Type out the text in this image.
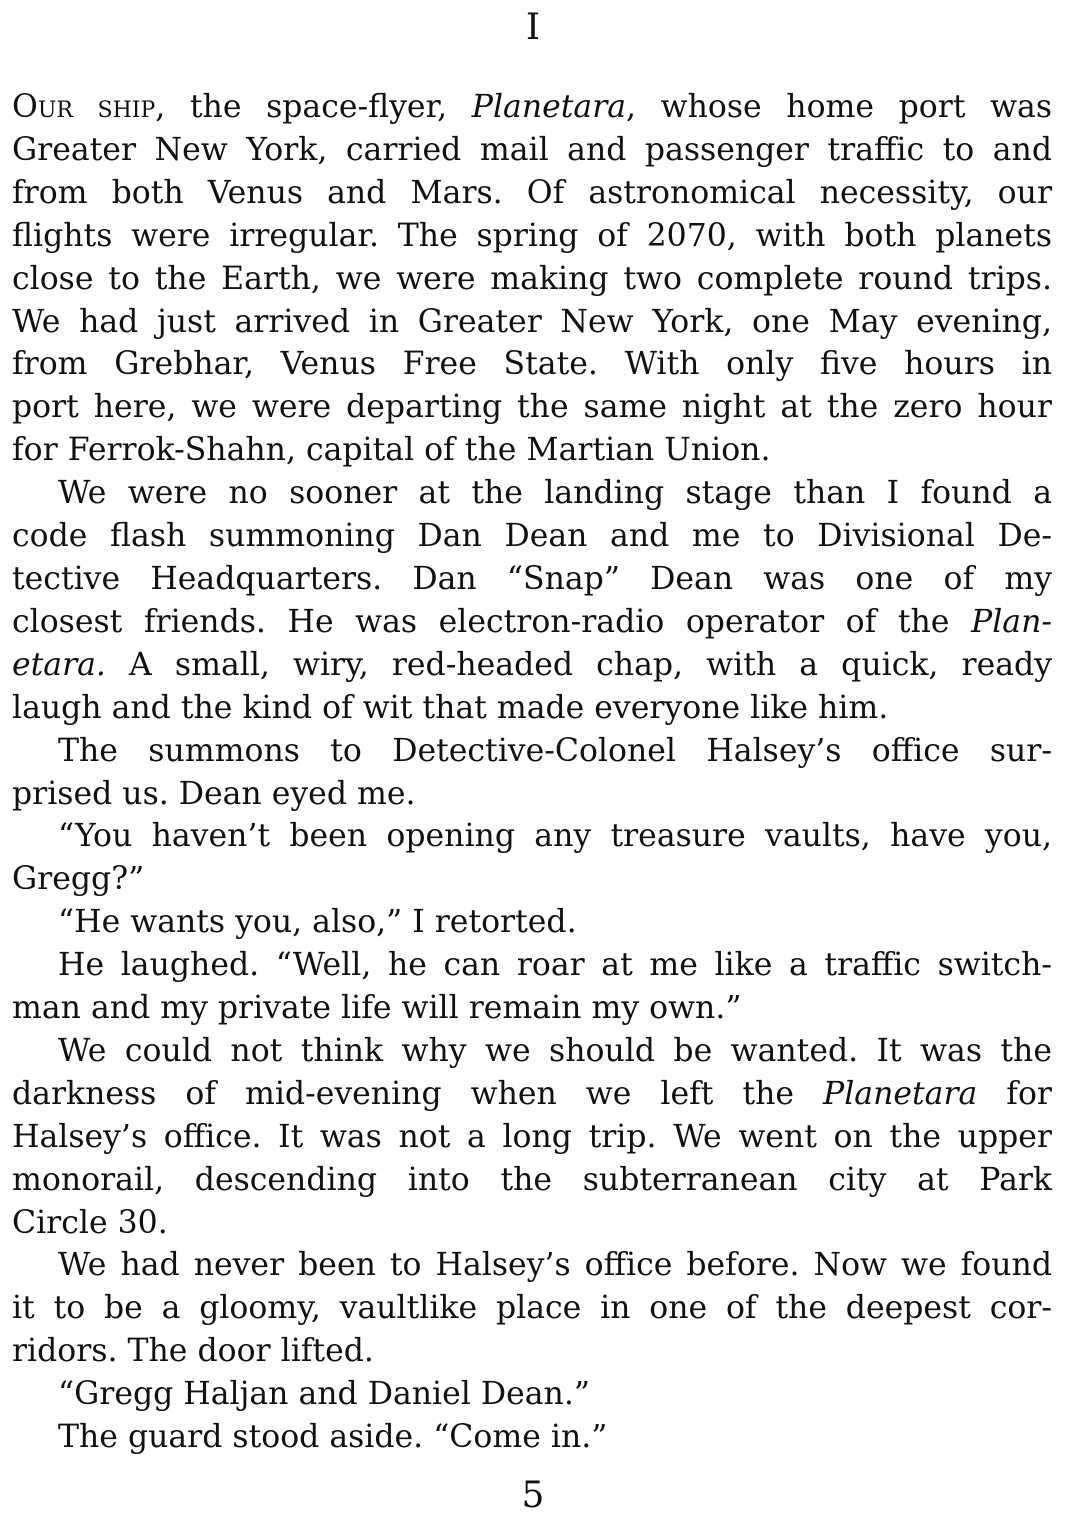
I
Our ship, the space-flyer, Planetara, whose home port was
Greater New York, carried mail and passenger traffic to and
from both Venus and Mars. Of astronomical necessity, our
flights were irregular. The spring of 2070, with both planets
close to the Earth, we were making two complete round trips.
We had just arrived in Greater New York, one May evening,
from Grebhar, Venus Free State. With only five hours in
port here, we were departing the same night at the zero hour
for Ferrok-Shahn, capital of the Martian Union.
We were no sooner at the landing stage than I found a
code flash summoning Dan Dean and me to Divisional De-
tective Headquarters. Dan “Snap” Dean was one of my
closest friends. He was electron-radio operator of the Plan-
etara. A small, wiry, red-headed chap, with a quick, ready
laugh and the kind of wit that made everyone like him.
The summons to Detective-Colonel Halsey’s office sur-
prised us. Dean eyed me.
“You haven’t been opening any treasure vaults, have you,
Gregg?”
“He wants you, also,” I retorted.
He laughed. “Well, he can roar at me like a traffic switch-
man and my private life will remain my own.”
We could not think why we should be wanted. It was the
darkness of mid-evening when we left the Planetara for
Halsey’s office. It was not a long trip. We went on the upper
monorail, descending into the subterranean city at Park
Circle 30.
We had never been to Halsey’s office before. Now we found
it to be a gloomy, vaultlike place in one of the deepest cor-
ridors. The door lifted.
“Gregg Haljan and Daniel Dean.”
The guard stood aside. “Come in.”
5
